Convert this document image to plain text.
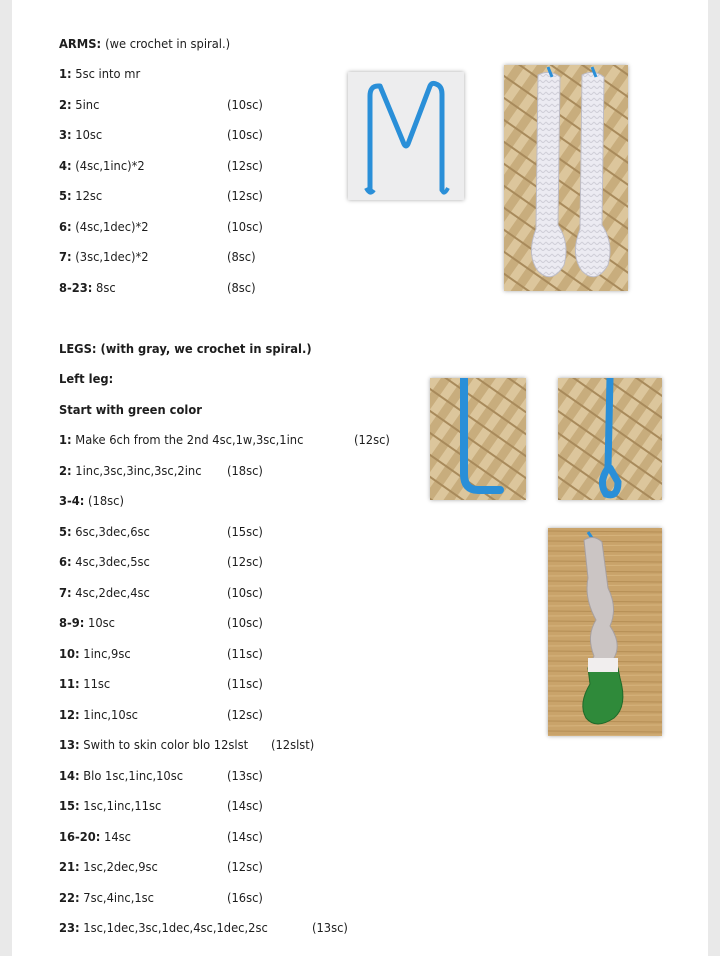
ARMS: (we crochet in spiral.)
1: 5sc into mr
2: 5inc	(10sc)
3: 10sc	(10sc)
4: (4sc,1inc)*2	(12sc)
5: 12sc	(12sc)
6: (4sc,1dec)*2	(10sc)
7: (3sc,1dec)*2	(8sc)
8-23: 8sc	(8sc)
LEGS: (with gray, we crochet in spiral.)
Left leg:
Start with green color
1: Make 6ch from the 2nd 4sc,1w,3sc,1inc	(12sc)
2: 1inc,3sc,3inc,3sc,2inc (18sc)
3-4: (18sc)
5: 6sc,3dec,6sc	(15sc)
6: 4sc,3dec,5sc	(12sc)
7: 4sc,2dec,4sc	(10sc)
8-9: 10sc	(10sc)
10: 1inc,9sc	(11sc)
11: 11sc	(11sc)
12: 1inc,10sc	(12sc)
13: Swith to skin color blo 12slst (12slst)
14: Blo 1sc,1inc,10sc	(13sc)
15: 1sc,1inc,11sc	(14sc)
16-20: 14sc	(14sc)
21: 1sc,2dec,9sc	(12sc)
22: 7sc,4inc,1sc	(16sc)
23: 1sc,1dec,3sc,1dec,4sc,1dec,2sc	(13sc)
